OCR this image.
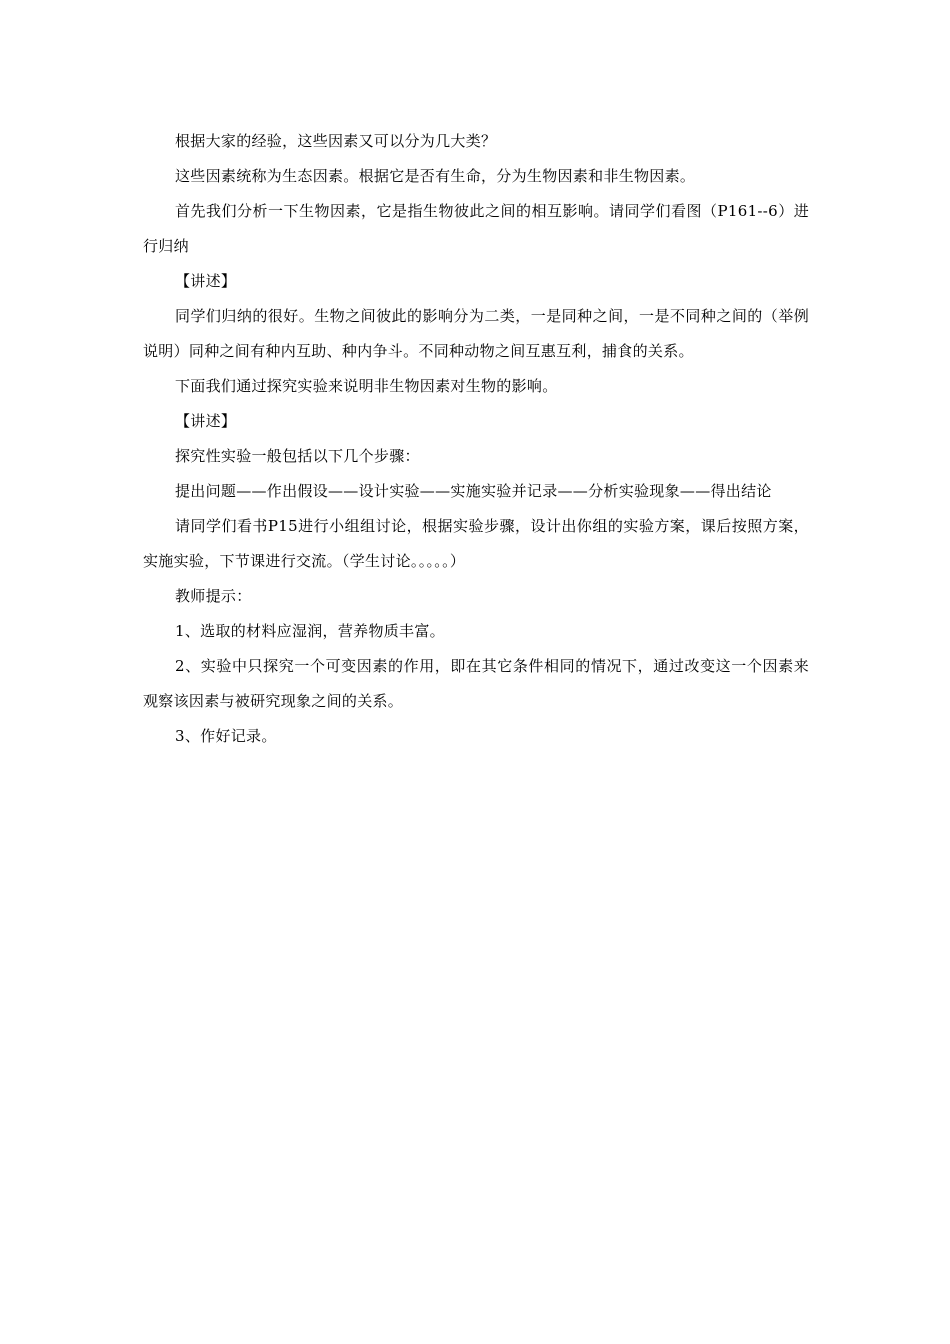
根据大家的经验，这些因素又可以分为几大类？

这些因素统称为生态因素。根据它是否有生命，分为生物因素和非生物因素。

首先我们分析一下生物因素，它是指生物彼此之间的相互影响。请同学们看图（P161--6）进行归纳

【讲述】

同学们归纳的很好。生物之间彼此的影响分为二类，一是同种之间，一是不同种之间的（举例说明）同种之间有种内互助、种内争斗。不同种动物之间互惠互利，捕食的关系。

下面我们通过探究实验来说明非生物因素对生物的影响。

【讲述】

探究性实验一般包括以下几个步骤：

提出问题——作出假设——设计实验——实施实验并记录——分析实验现象——得出结论

请同学们看书P15进行小组组讨论，根据实验步骤，设计出你组的实验方案，课后按照方案，实施实验，下节课进行交流。（学生讨论。。。。。）

教师提示：

1、选取的材料应湿润，营养物质丰富。

2、实验中只探究一个可变因素的作用，即在其它条件相同的情况下，通过改变这一个因素来观察该因素与被研究现象之间的关系。

3、作好记录。
